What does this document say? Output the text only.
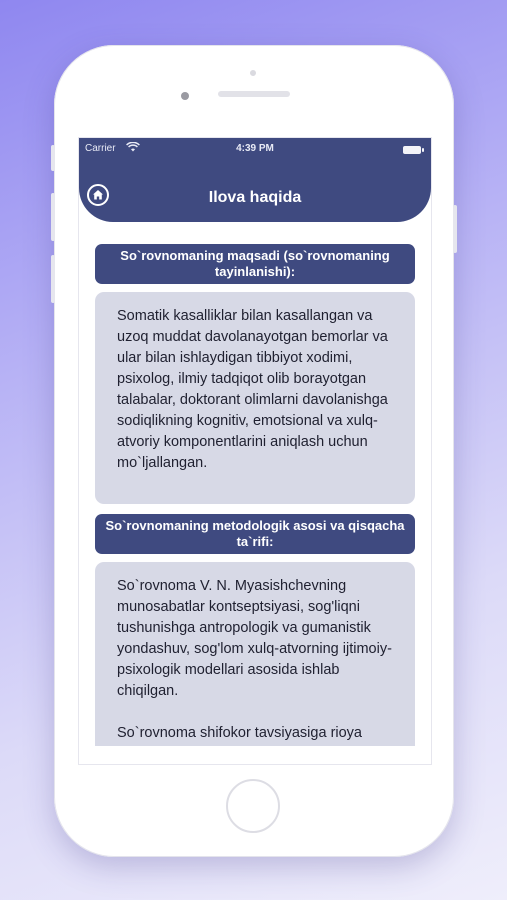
So`rovnomaning maqsadi (so`rovnomaning tayinlanishi):
Somatik kasalliklar bilan kasallangan va uzoq muddat davolanayotgan bemorlar va ular bilan ishlaydigan tibbiyot xodimi, psixolog, ilmiy tadqiqot olib borayotgan talabalar, doktorant olimlarni davolanishga sodiqlikning kognitiv, emotsional va xulq-atvoriy komponentlarini aniqlash uchun mo`ljallangan.
So`rovnomaning metodologik asosi va qisqacha ta`rifi:
So`rovnoma V. N. Myasishchevning munosabatlar kontseptsiyasi, sog'liqni tushunishga antropologik va gumanistik yondashuv, sog'lom xulq-atvorning ijtimoiy-psixologik modellari asosida ishlab chiqilgan.
So`rovnoma shifokor tavsiyasiga rioya
Carrier	4:39 PM
Ilova haqida
